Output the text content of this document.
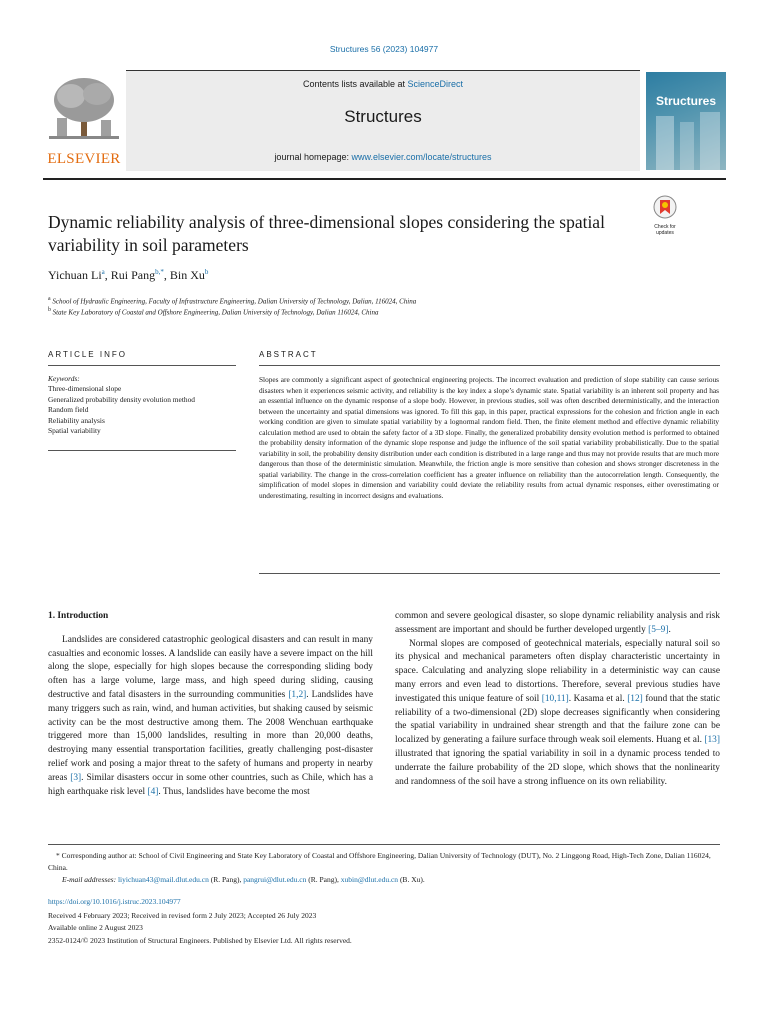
Structures 56 (2023) 104977
ELSEVIER
Contents lists available at ScienceDirect
Structures
journal homepage: www.elsevier.com/locate/structures
Structures
Dynamic reliability analysis of three-dimensional slopes considering the spatial variability in soil parameters
Check for updates
Yichuan Li$^a$, Rui Pang$^{b,*}$, Bin Xu$^b$
$^a$ School of Hydraulic Engineering, Faculty of Infrastructure Engineering, Dalian University of Technology, Dalian, 116024, China
$^b$ State Key Laboratory of Coastal and Offshore Engineering, Dalian University of Technology, Dalian 116024, China
ARTICLE INFO	ABSTRACT
Keywords:
Three-dimensional slope
Generalized probability density evolution method
Random field
Reliability analysis
Spatial variability
Slopes are commonly a significant aspect of geotechnical engineering projects. The incorrect evaluation and prediction of slope stability can cause serious disasters when it experiences seismic activity, and reliability is the key index a slope’s dynamic state. Spatial variability is an inherent soil property and has an essential influence on the dynamic response of a slope body. However, in previous studies, soil was often described deterministically, and the interaction between the uncertainty and spatial dimensions was ignored. To fill this gap, in this paper, practical expressions for the cohesion and friction angle in each working condition are given to simulate spatial variability by a lognormal random field. Then, the finite element method and effective dynamic reliability calculation method are used to obtain the safety factor of a 3D slope. Finally, the generalized probability density evolution method is performed to obtained the probability density information of the dynamic slope response and judge the influence of the soil spatial variability probabilistically. Due to the spatial variability in soil, the probability density distribution under each condition is distributed in a large range and thus may not provide results that are much more dangerous than those of the deterministic simulation. Meanwhile, the friction angle is more sensitive than cohesion and shows stronger discreteness in the spatial variability. The change in the cross-correlation coefficient has a greater influence on reliability than the autocorrelation length. Consequently, the simplification of model slopes in dimension and variability could deviate the reliability results from actual dynamic responses, either overestimating or underestimating, resulting in incorrect designs and evaluations.

1. Introduction

Landslides are considered catastrophic geological disasters and can result in many casualties and economic losses. A landslide can easily have a severe impact on the hill along the slope, especially for high slopes because the corresponding sliding body often has a large volume, large mass, and high speed during sliding, causing destructive and fatal disasters in the surrounding communities [1,2]. Landslides have many triggers such as rain, wind, and human activities, but shaking caused by seismic activity can be the most destructive among them. The 2008 Wenchuan earthquake triggered more than 15,000 landslides, resulting in more than 20,000 deaths, destroying many essential transportation facilities, greatly challenging post-disaster relief work and posing a major threat to the safety of humans and property in nearby areas [3]. Similar disasters occur in some other countries, such as Chile, which has a high earthquake risk level [4]. Thus, landslides have become the most

common and severe geological disaster, so slope dynamic reliability analysis and risk assessment are important and should be further developed urgently [5–9].

Normal slopes are composed of geotechnical materials, especially natural soil so its physical and mechanical parameters often display characteristic uncertainty in space. Calculating and analyzing slope reliability in a deterministic way can cause many errors and even lead to distortions. Therefore, several previous studies have investigated this unique feature of soil [10,11]. Kasama et al. [12] found that the static reliability of a two-dimensional (2D) slope decreases significantly when considering the spatial variability in undrained shear strength and that the failure zone can be localized by generating a failure surface through weak soil elements. Huang et al. [13] illustrated that ignoring the spatial variability in soil in a dynamic process tended to underrate the failure probability of the 2D slope, which shows that the nonlinearity and randomness of the soil have a strong influence on its own reliability.

* Corresponding author at: School of Civil Engineering and State Key Laboratory of Coastal and Offshore Engineering, Dalian University of Technology (DUT), No. 2 Linggong Road, High-Tech Zone, Dalian 116024, China.
E-mail addresses: liyichuan43@mail.dlut.edu.cn (R. Pang), pangrui@dlut.edu.cn (R. Pang), xubin@dlut.edu.cn (B. Xu).
https://doi.org/10.1016/j.istruc.2023.104977
Received 4 February 2023; Received in revised form 2 July 2023; Accepted 26 July 2023
Available online 2 August 2023
2352-0124/© 2023 Institution of Structural Engineers. Published by Elsevier Ltd. All rights reserved.
